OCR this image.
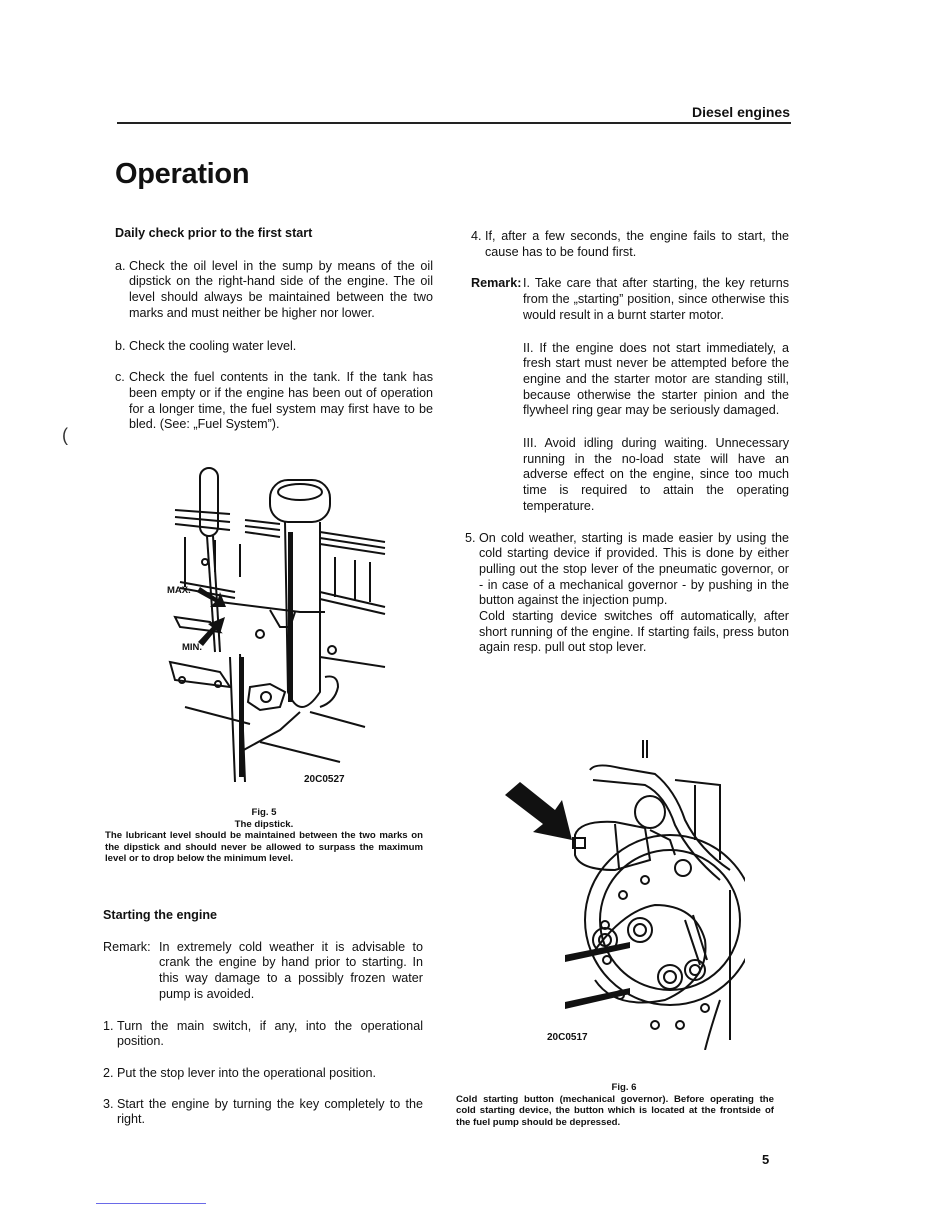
Diesel engines
Operation
(
Daily check prior to the first start
a. Check the oil level in the sump by means of the oil dipstick on the right-hand side of the engine. The oil level should always be maintained between the two marks and must neither be higher nor lower.
b. Check the cooling water level.
c. Check the fuel contents in the tank. If the tank has been empty or if the engine has been out of operation for a longer time, the fuel system may first have to be bled. (See: „Fuel System”).
MAX.
MIN.
20C0527
Fig. 5
The dipstick.
The lubricant level should be maintained between the two marks on the dipstick and should never be allowed to surpass the maximum level or to drop below the minimum level.
Starting the engine
Remark: In extremely cold weather it is advisable to crank the engine by hand prior to starting. In this way damage to a possibly frozen water pump is avoided.
1. Turn the main switch, if any, into the operational position.
2. Put the stop lever into the operational position.
3. Start the engine by turning the key completely to the right.
4. If, after a few seconds, the engine fails to start, the cause has to be found first.
Remark: I. Take care that after starting, the key returns from the „starting” position, since otherwise this would result in a burnt starter motor.
II. If the engine does not start immediately, a fresh start must never be attempted before the engine and the starter motor are standing still, because otherwise the starter pinion and the flywheel ring gear may be seriously damaged.
III. Avoid idling during waiting. Unnecessary running in the no-load state will have an adverse effect on the engine, since too much time is required to attain the operating temperature.
5. On cold weather, starting is made easier by using the cold starting device if provided. This is done by either pulling out the stop lever of the pneumatic governor, or - in case of a mechanical governor - by pushing in the button against the injection pump.
Cold starting device switches off automatically, after short running of the engine. If starting fails, press buton again resp. pull out stop lever.
20C0517
Fig. 6
Cold starting button (mechanical governor). Before operating the cold starting device, the button which is located at the frontside of the fuel pump should be depressed.
5
